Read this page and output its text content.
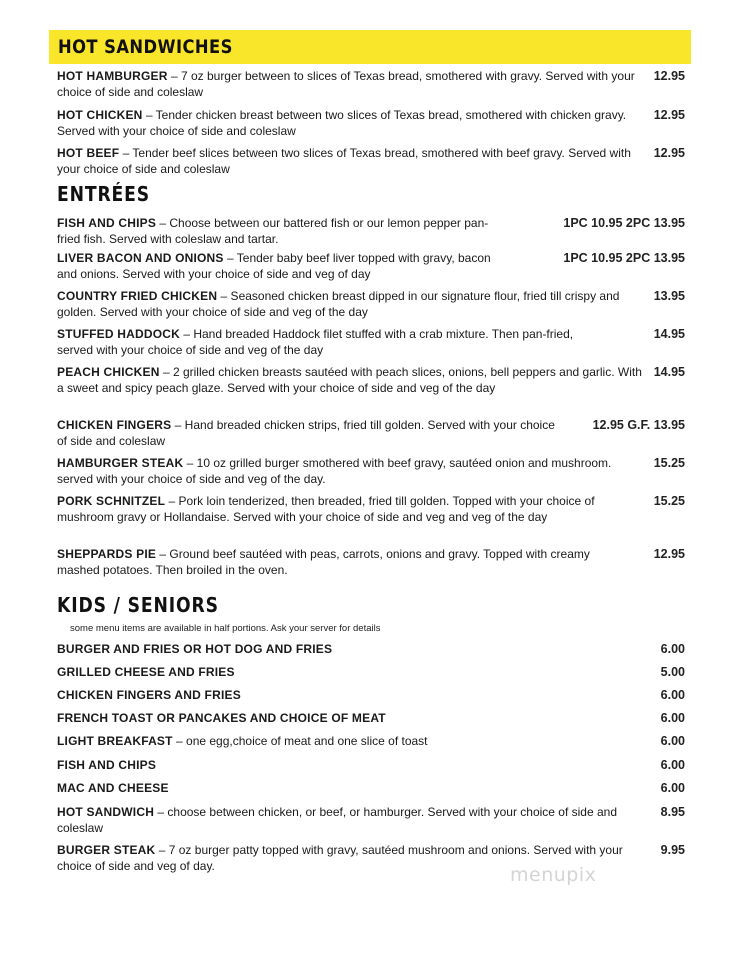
HOT SANDWICHES
HOT HAMBURGER – 7 oz burger between to slices of Texas bread, smothered with gravy. Served with your choice of side and coleslaw
12.95
HOT CHICKEN – Tender chicken breast between two slices of Texas bread, smothered with chicken gravy. Served with your choice of side and coleslaw
12.95
HOT BEEF – Tender beef slices between two slices of Texas bread, smothered with beef gravy. Served with your choice of side and coleslaw
12.95
ENTRÉES
FISH AND CHIPS – Choose between our battered fish or our lemon pepper pan-fried fish. Served with coleslaw and tartar.
1PC 10.95 2PC 13.95
LIVER BACON AND ONIONS – Tender baby beef liver topped with gravy, bacon and onions. Served with your choice of side and veg of day
1PC 10.95 2PC 13.95
COUNTRY FRIED CHICKEN – Seasoned chicken breast dipped in our signature flour, fried till crispy and golden. Served with your choice of side and veg of the day
13.95
STUFFED HADDOCK – Hand breaded Haddock filet stuffed with a crab mixture. Then pan-fried, served with your choice of side and veg of the day
14.95
PEACH CHICKEN – 2 grilled chicken breasts sautéed with peach slices, onions, bell peppers and garlic. With a sweet and spicy peach glaze. Served with your choice of side and veg of the day
14.95
CHICKEN FINGERS – Hand breaded chicken strips, fried till golden. Served with your choice of side and coleslaw
12.95 G.F. 13.95
HAMBURGER STEAK – 10 oz grilled burger smothered with beef gravy, sautéed onion and mushroom. served with your choice of side and veg of the day.
15.25
PORK SCHNITZEL – Pork loin tenderized, then breaded, fried till golden. Topped with your choice of mushroom gravy or Hollandaise. Served with your choice of side and veg and veg of the day
15.25
SHEPPARDS PIE – Ground beef sautéed with peas, carrots, onions and gravy. Topped with creamy mashed potatoes. Then broiled in the oven.
12.95
KIDS / SENIORS
some menu items are available in half portions. Ask your server for details
BURGER AND FRIES OR HOT DOG AND FRIES	6.00
GRILLED CHEESE AND FRIES	5.00
CHICKEN FINGERS AND FRIES	6.00
FRENCH TOAST OR PANCAKES AND CHOICE OF MEAT	6.00
LIGHT BREAKFAST – one egg,choice of meat and one slice of toast	6.00
FISH AND CHIPS	6.00
MAC AND CHEESE	6.00
HOT SANDWICH – choose between chicken, or beef, or hamburger. Served with your choice of side and coleslaw
8.95
BURGER STEAK – 7 oz burger patty topped with gravy, sautéed mushroom and onions. Served with your choice of side and veg of day.
9.95
menupix
